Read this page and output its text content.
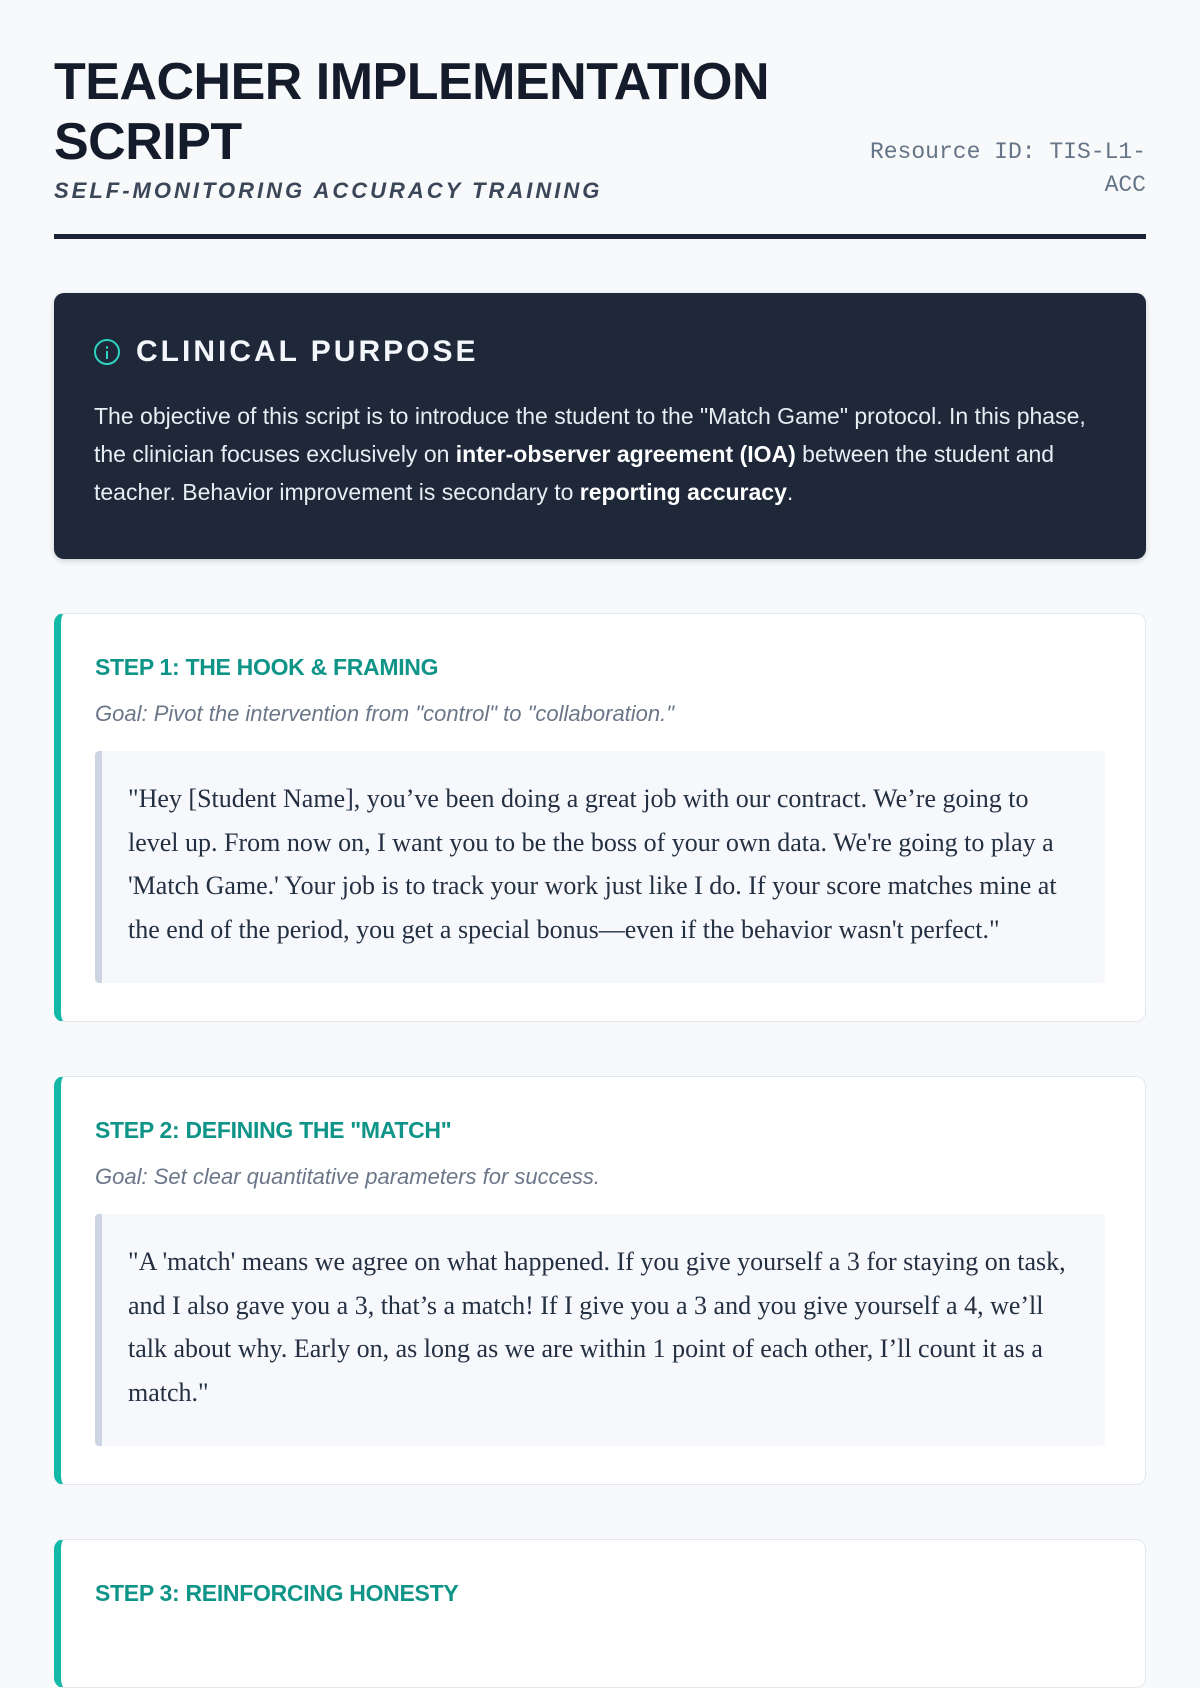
TEACHER IMPLEMENTATION SCRIPT
SELF-MONITORING ACCURACY TRAINING
Resource ID: TIS-L1-ACC
CLINICAL PURPOSE
The objective of this script is to introduce the student to the "Match Game" protocol. In this phase, the clinician focuses exclusively on inter-observer agreement (IOA) between the student and teacher. Behavior improvement is secondary to reporting accuracy.
STEP 1: THE HOOK & FRAMING
Goal: Pivot the intervention from "control" to "collaboration."
"Hey [Student Name], you’ve been doing a great job with our contract. We’re going to level up. From now on, I want you to be the boss of your own data. We're going to play a 'Match Game.' Your job is to track your work just like I do. If your score matches mine at the end of the period, you get a special bonus—even if the behavior wasn't perfect."
STEP 2: DEFINING THE "MATCH"
Goal: Set clear quantitative parameters for success.
"A 'match' means we agree on what happened. If you give yourself a 3 for staying on task, and I also gave you a 3, that’s a match! If I give you a 3 and you give yourself a 4, we’ll talk about why. Early on, as long as we are within 1 point of each other, I’ll count it as a match."
STEP 3: REINFORCING HONESTY
